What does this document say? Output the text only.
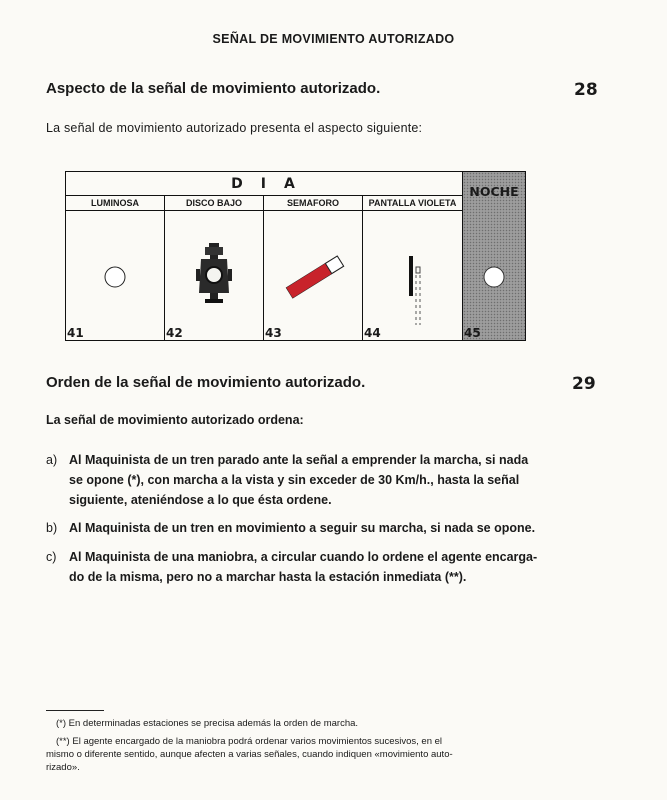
SEÑAL DE MOVIMIENTO AUTORIZADO
Aspecto de la señal de movimiento autorizado.	28
La señal de movimiento autorizado presenta el aspecto siguiente:
D I A	NOCHE
LUMINOSA	DISCO BAJO	SEMAFORO	PANTALLA VIOLETA
41	42	43	44	45
Orden de la señal de movimiento autorizado.	29
La señal de movimiento autorizado ordena:
a) Al Maquinista de un tren parado ante la señal a emprender la marcha, si nada
se opone (*), con marcha a la vista y sin exceder de 30 Km/h., hasta la señal
siguiente, ateniéndose a lo que ésta ordene.
b) Al Maquinista de un tren en movimiento a seguir su marcha, si nada se opone.
c) Al Maquinista de una maniobra, a circular cuando lo ordene el agente encarga-
do de la misma, pero no a marchar hasta la estación inmediata (**).
(*) En determinadas estaciones se precisa además la orden de marcha.
(**) El agente encargado de la maniobra podrá ordenar varios movimientos sucesivos, en el
mismo o diferente sentido, aunque afecten a varias señales, cuando indiquen «movimiento auto-
rizado».
